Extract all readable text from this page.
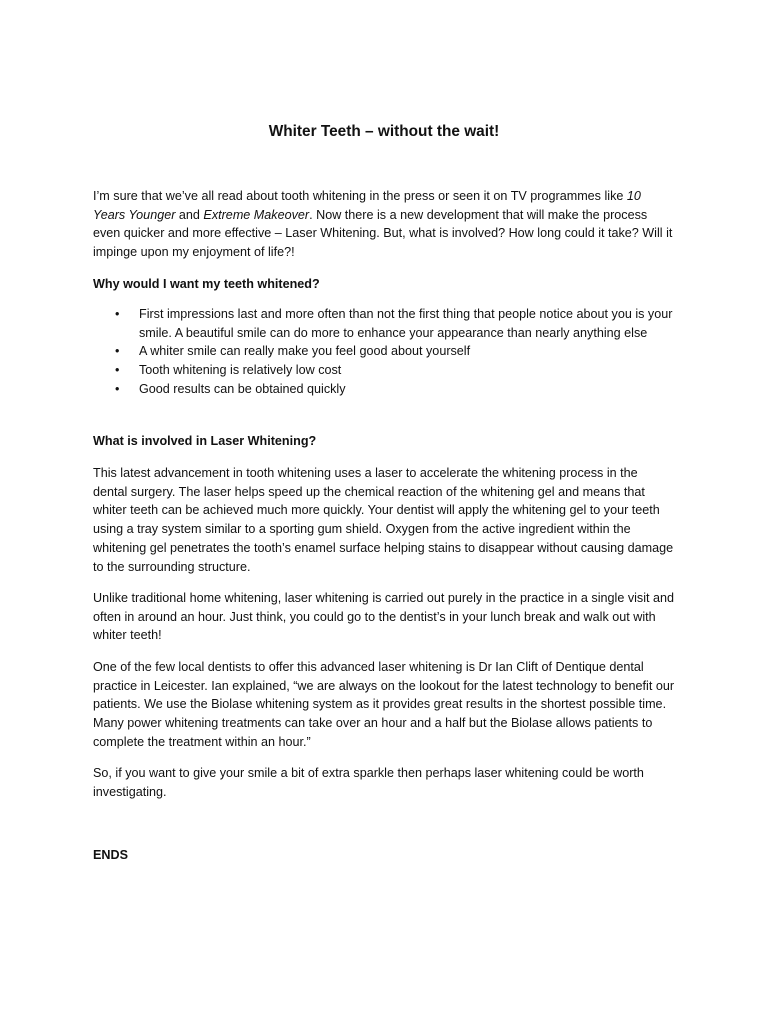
Whiter Teeth – without the wait!

I’m sure that we’ve all read about tooth whitening in the press or seen it on TV programmes like 10 Years Younger and Extreme Makeover. Now there is a new development that will make the process even quicker and more effective – Laser Whitening. But, what is involved? How long could it take? Will it impinge upon my enjoyment of life?!

Why would I want my teeth whitened?

• First impressions last and more often than not the first thing that people notice about you is your smile. A beautiful smile can do more to enhance your appearance than nearly anything else
• A whiter smile can really make you feel good about yourself
• Tooth whitening is relatively low cost
• Good results can be obtained quickly

What is involved in Laser Whitening?

This latest advancement in tooth whitening uses a laser to accelerate the whitening process in the dental surgery. The laser helps speed up the chemical reaction of the whitening gel and means that whiter teeth can be achieved much more quickly. Your dentist will apply the whitening gel to your teeth using a tray system similar to a sporting gum shield. Oxygen from the active ingredient within the whitening gel penetrates the tooth’s enamel surface helping stains to disappear without causing damage to the surrounding structure.

Unlike traditional home whitening, laser whitening is carried out purely in the practice in a single visit and often in around an hour. Just think, you could go to the dentist’s in your lunch break and walk out with whiter teeth!

One of the few local dentists to offer this advanced laser whitening is Dr Ian Clift of Dentique dental practice in Leicester. Ian explained, “we are always on the lookout for the latest technology to benefit our patients. We use the Biolase whitening system as it provides great results in the shortest possible time. Many power whitening treatments can take over an hour and a half but the Biolase allows patients to complete the treatment within an hour.”

So, if you want to give your smile a bit of extra sparkle then perhaps laser whitening could be worth investigating.

ENDS
